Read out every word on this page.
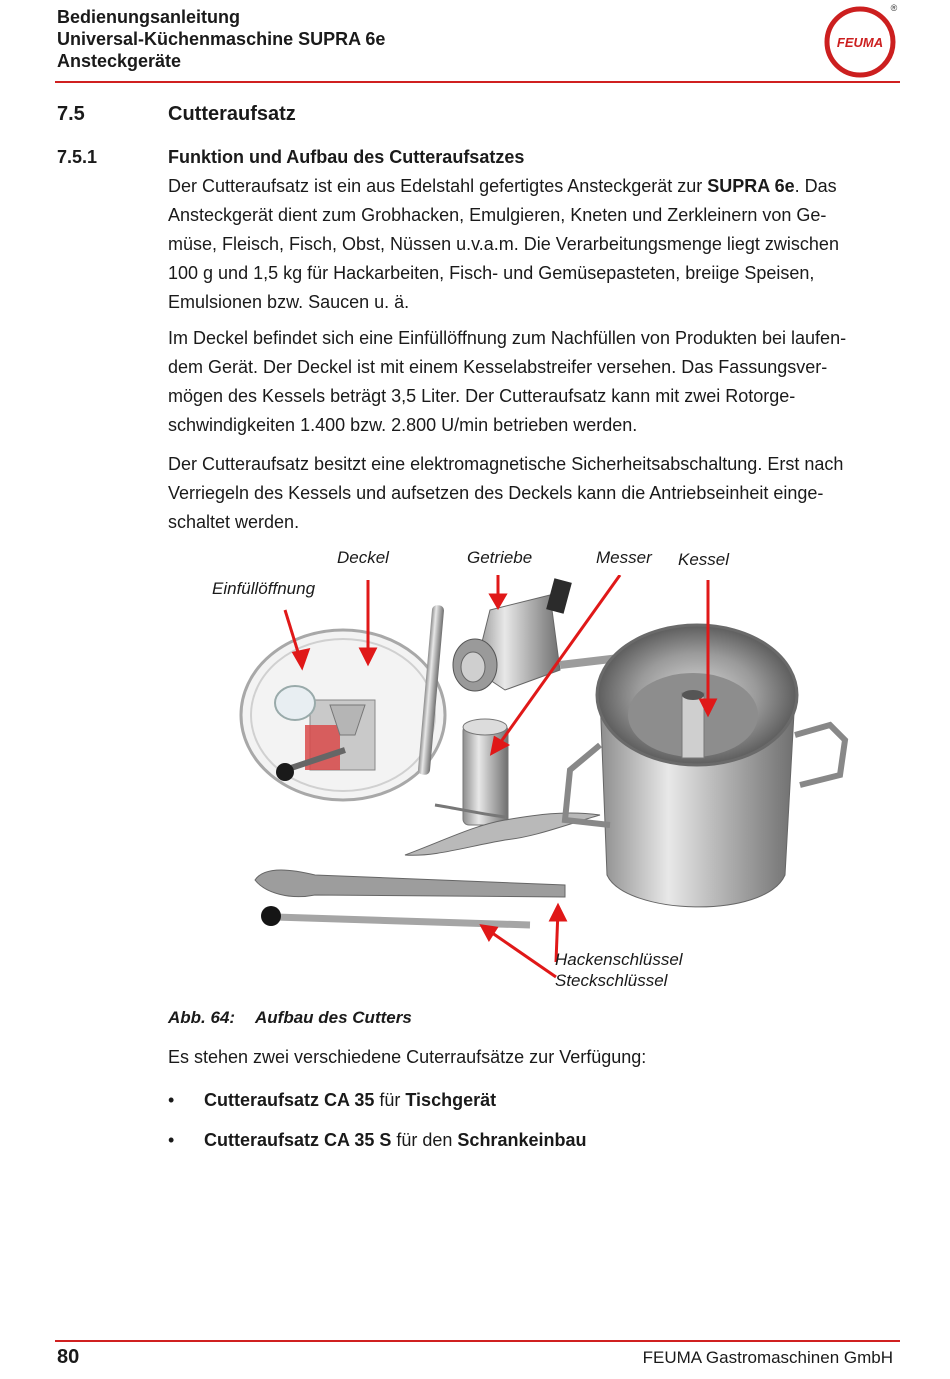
Bedienungsanleitung
Universal-Küchenmaschine SUPRA 6e
Ansteckgeräte
FEUMA
®
7.5	Cutteraufsatz
7.5.1	Funktion und Aufbau des Cutteraufsatzes

Der Cutteraufsatz ist ein aus Edelstahl gefertigtes Ansteckgerät zur SUPRA 6e. Das

Ansteckgerät dient zum Grobhacken, Emulgieren, Kneten und Zerkleinern von Ge-

müse, Fleisch, Fisch, Obst, Nüssen u.v.a.m. Die Verarbeitungsmenge liegt zwischen

100 g und 1,5 kg für Hackarbeiten, Fisch- und Gemüsepasteten, breiige Speisen,

Emulsionen bzw. Saucen u. ä.

Im Deckel befindet sich eine Einfüllöffnung zum Nachfüllen von Produkten bei laufen-

dem Gerät. Der Deckel ist mit einem Kesselabstreifer versehen. Das Fassungsver-

mögen des Kessels beträgt 3,5 Liter. Der Cutteraufsatz kann mit zwei Rotorge-

schwindigkeiten 1.400 bzw. 2.800 U/min betrieben werden.

Der Cutteraufsatz besitzt eine elektromagnetische Sicherheitsabschaltung. Erst nach

Verriegeln des Kessels und aufsetzen des Deckels kann die Antriebseinheit einge-

schaltet werden.

Deckel	Getriebe	Messer Kessel
Einfüllöffnung
Hackenschlüssel
Steckschlüssel
Abb. 64: Aufbau des Cutters
Es stehen zwei verschiedene Cuterraufsätze zur Verfügung:
• Cutteraufsatz CA 35 für Tischgerät
• Cutteraufsatz CA 35 S für den Schrankeinbau
80	FEUMA Gastromaschinen GmbH
